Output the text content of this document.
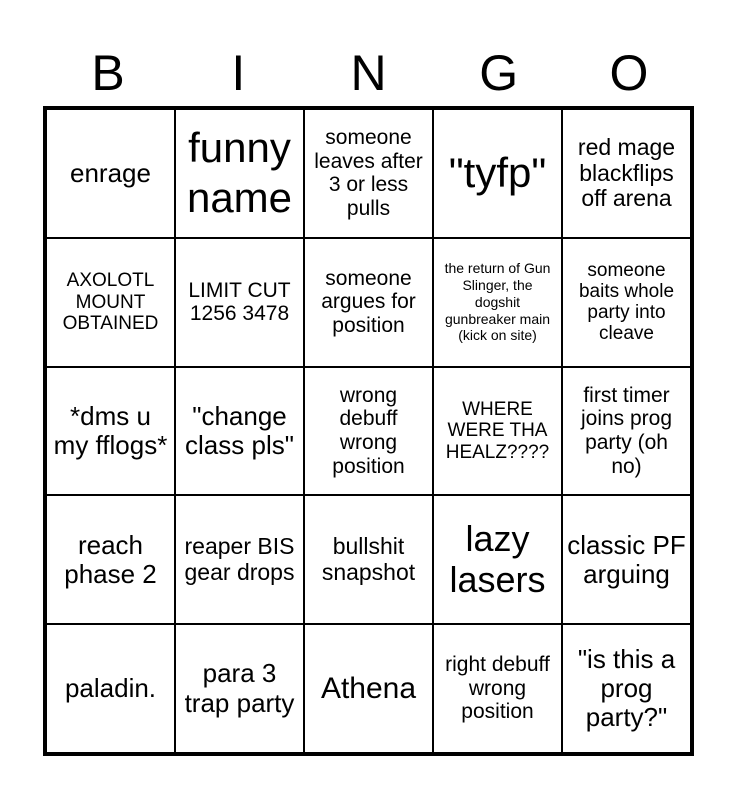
B	I	N	G	O
enrage
funny name
someone leaves after 3 or less pulls
"tyfp"
red mage blackflips off arena
AXOLOTL MOUNT OBTAINED
LIMIT CUT 1256 3478
someone argues for position
the return of Gun Slinger, the dogshit gunbreaker main (kick on site)
someone baits whole party into cleave
*dms u my fflogs*
"change class pls"
wrong debuff wrong position
WHERE WERE THA HEALZ????
first timer joins prog party (oh no)
reach phase 2
reaper BIS gear drops
bullshit snapshot
lazy lasers
classic PF arguing
paladin.	para 3 trap party Athena
right debuff wrong position
"is this a prog party?"
